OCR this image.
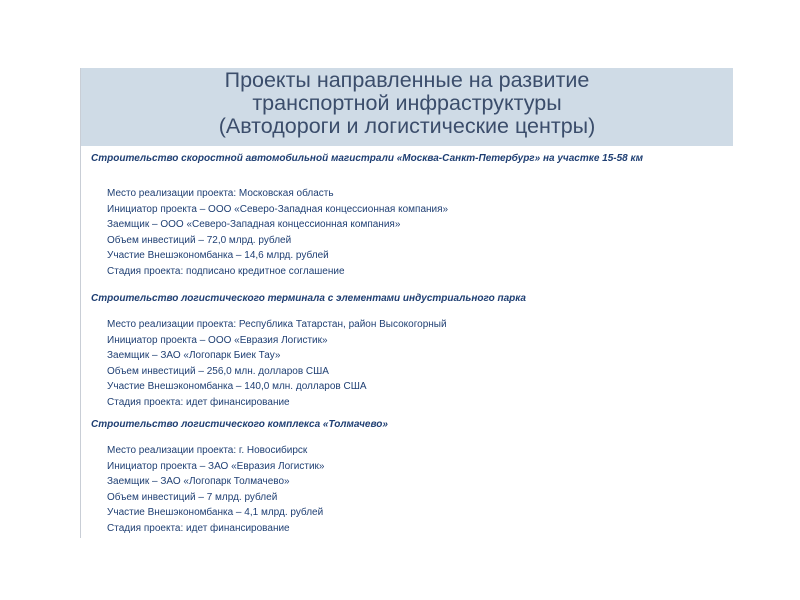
Проекты направленные на развитие
транспортной инфраструктуры
(Автодороги и логистические центры)
Строительство скоростной автомобильной магистрали «Москва-Санкт-Петербург» на участке 15-58 км
Место реализации проекта: Московская область
Инициатор проекта – ООО «Северо-Западная концессионная компания»
Заемщик – ООО «Северо-Западная концессионная компания»
Объем инвестиций – 72,0 млрд. рублей
Участие Внешэкономбанка – 14,6 млрд. рублей
Стадия проекта: подписано кредитное соглашение
Строительство логистического терминала с элементами индустриального парка
Место реализации проекта: Республика Татарстан, район Высокогорный
Инициатор проекта – ООО «Евразия Логистик»
Заемщик – ЗАО «Логопарк Биек Тау»
Объем инвестиций – 256,0 млн. долларов США
Участие Внешэкономбанка – 140,0 млн. долларов США
Стадия проекта: идет финансирование
Строительство логистического комплекса «Толмачево»
Место реализации проекта: г. Новосибирск
Инициатор проекта – ЗАО «Евразия Логистик»
Заемщик – ЗАО «Логопарк Толмачево»
Объем инвестиций – 7 млрд. рублей
Участие Внешэкономбанка – 4,1 млрд. рублей
Стадия проекта: идет финансирование
